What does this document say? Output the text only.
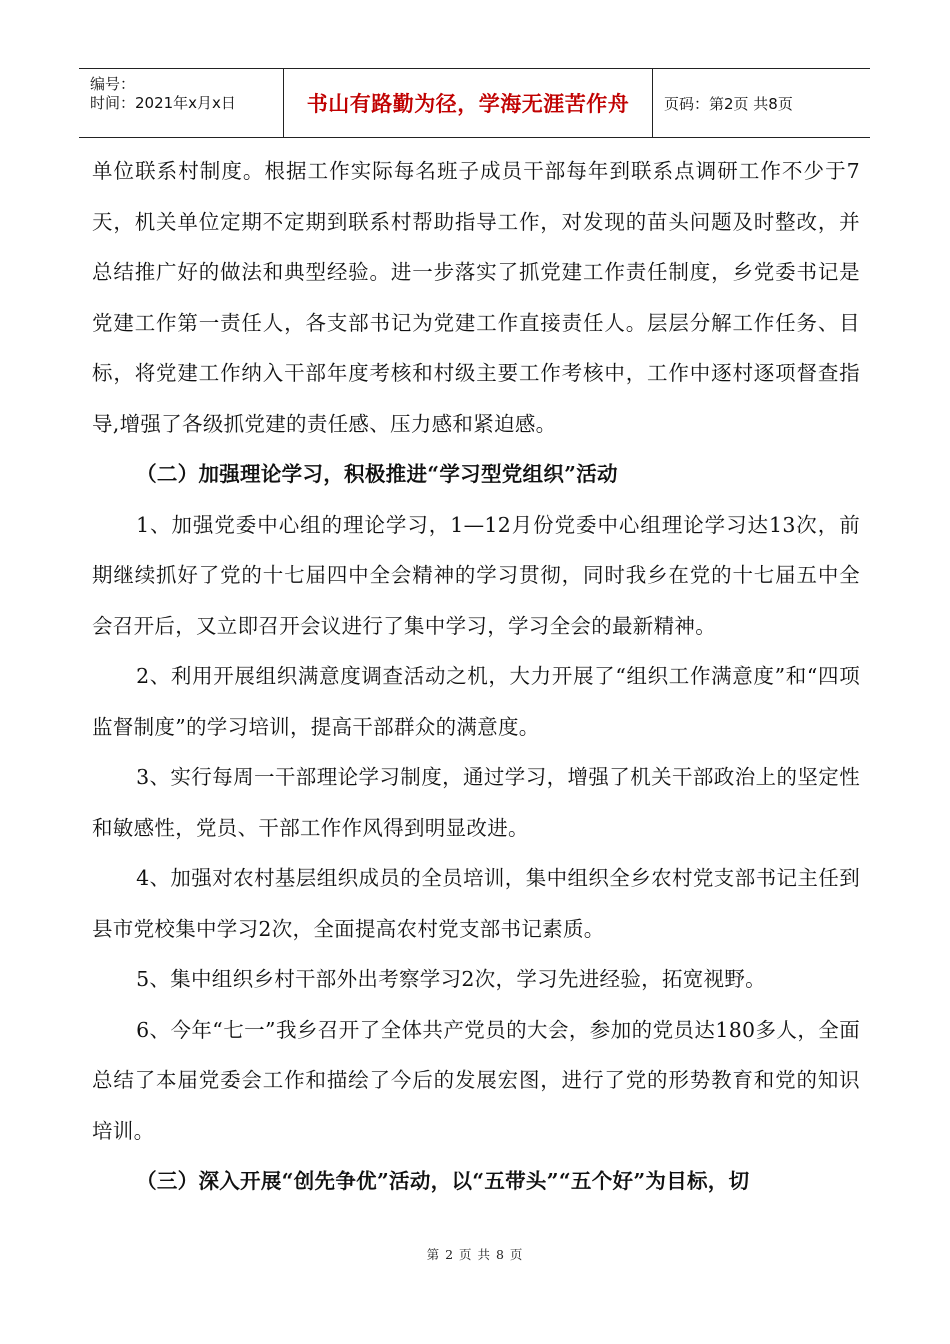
编号：
时间：2021年x月x日	书山有路勤为径，学海无涯苦作舟 页码：第2页 共8页

单位联系村制度。根据工作实际每名班子成员干部每年到联系点调研工作不少于7天，机关单位定期不定期到联系村帮助指导工作，对发现的苗头问题及时整改，并总结推广好的做法和典型经验。进一步落实了抓党建工作责任制度，乡党委书记是党建工作第一责任人，各支部书记为党建工作直接责任人。层层分解工作任务、目标，将党建工作纳入干部年度考核和村级主要工作考核中，工作中逐村逐项督查指导,增强了各级抓党建的责任感、压力感和紧迫感。

（二）加强理论学习，积极推进“学习型党组织”活动

1、加强党委中心组的理论学习，1—12月份党委中心组理论学习达13次，前期继续抓好了党的十七届四中全会精神的学习贯彻，同时我乡在党的十七届五中全会召开后，又立即召开会议进行了集中学习，学习全会的最新精神。

2、利用开展组织满意度调查活动之机，大力开展了“组织工作满意度”和“四项监督制度”的学习培训，提高干部群众的满意度。

3、实行每周一干部理论学习制度，通过学习，增强了机关干部政治上的坚定性和敏感性，党员、干部工作作风得到明显改进。

4、加强对农村基层组织成员的全员培训，集中组织全乡农村党支部书记主任到县市党校集中学习2次，全面提高农村党支部书记素质。

5、集中组织乡村干部外出考察学习2次，学习先进经验，拓宽视野。

6、今年“七一”我乡召开了全体共产党员的大会，参加的党员达180多人，全面总结了本届党委会工作和描绘了今后的发展宏图，进行了党的形势教育和党的知识培训。

（三）深入开展“创先争优”活动，以“五带头”“五个好”为目标，切

第 2 页 共 8 页
